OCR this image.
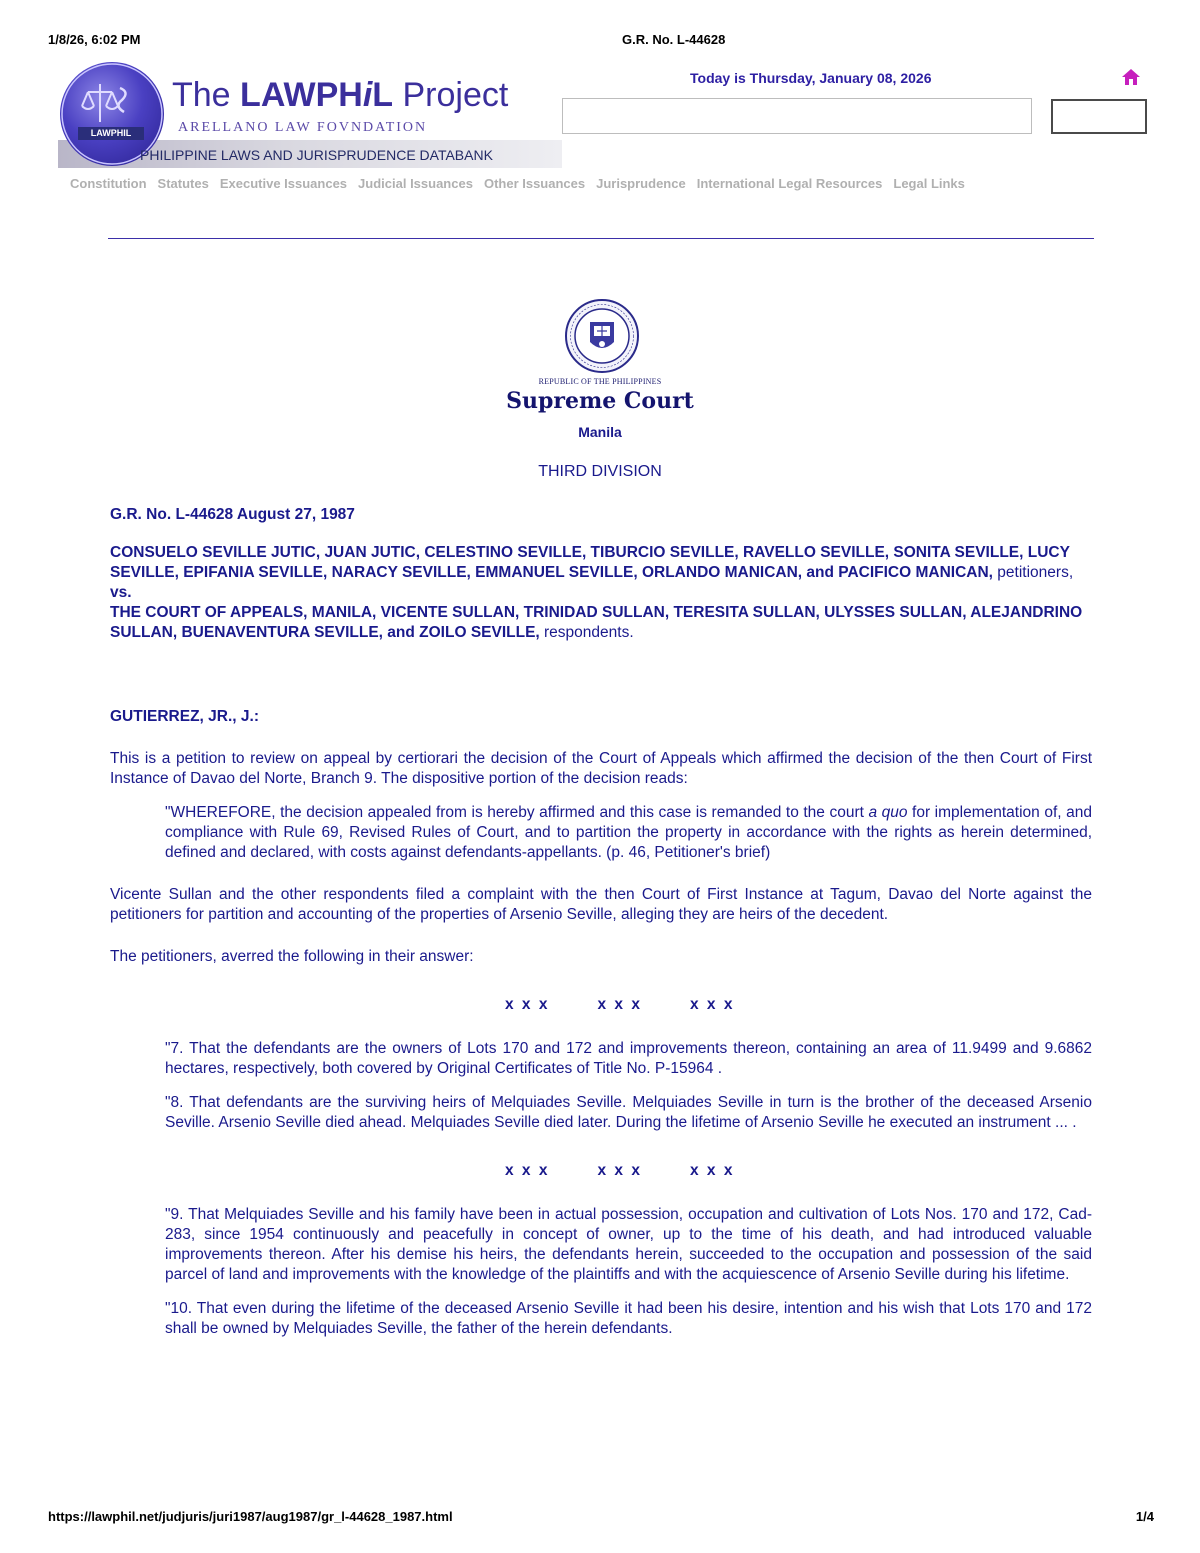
1/8/26, 6:02 PM	G.R. No. L-44628
LAWPHIL
The LAWPHiL Project
ARELLANO LAW FOVNDATION
PHILIPPINE LAWS AND JURISPRUDENCE DATABANK
Today is Thursday, January 08, 2026
Constitution Statutes Executive Issuances Judicial Issuances Other Issuances Jurisprudence International Legal Resources Legal Links
REPUBLIC OF THE PHILIPPINES
Supreme Court
Manila
THIRD DIVISION

G.R. No. L-44628 August 27, 1987

CONSUELO SEVILLE JUTIC, JUAN JUTIC, CELESTINO SEVILLE, TIBURCIO SEVILLE, RAVELLO SEVILLE, SONITA SEVILLE, LUCY SEVILLE, EPIFANIA SEVILLE, NARACY SEVILLE, EMMANUEL SEVILLE, ORLANDO MANICAN, and PACIFICO MANICAN, petitioners,
vs.
THE COURT OF APPEALS, MANILA, VICENTE SULLAN, TRINIDAD SULLAN, TERESITA SULLAN, ULYSSES SULLAN, ALEJANDRINO SULLAN, BUENAVENTURA SEVILLE, and ZOILO SEVILLE, respondents.

GUTIERREZ, JR., J.:

This is a petition to review on appeal by certiorari the decision of the Court of Appeals which affirmed the decision of the then Court of First Instance of Davao del Norte, Branch 9. The dispositive portion of the decision reads:

"WHEREFORE, the decision appealed from is hereby affirmed and this case is remanded to the court a quo for implementation of, and compliance with Rule 69, Revised Rules of Court, and to partition the property in accordance with the rights as herein determined, defined and declared, with costs against defendants-appellants. (p. 46, Petitioner's brief)

Vicente Sullan and the other respondents filed a complaint with the then Court of First Instance at Tagum, Davao del Norte against the petitioners for partition and accounting of the properties of Arsenio Seville, alleging they are heirs of the decedent.

The petitioners, averred the following in their answer:

x x x	x x x	x x x

"7. That the defendants are the owners of Lots 170 and 172 and improvements thereon, containing an area of 11.9499 and 9.6862 hectares, respectively, both covered by Original Certificates of Title No. P-15964 .

"8. That defendants are the surviving heirs of Melquiades Seville. Melquiades Seville in turn is the brother of the deceased Arsenio Seville. Arsenio Seville died ahead. Melquiades Seville died later. During the lifetime of Arsenio Seville he executed an instrument ... .

x x x	x x x	x x x

"9. That Melquiades Seville and his family have been in actual possession, occupation and cultivation of Lots Nos. 170 and 172, Cad-283, since 1954 continuously and peacefully in concept of owner, up to the time of his death, and had introduced valuable improvements thereon. After his demise his heirs, the defendants herein, succeeded to the occupation and possession of the said parcel of land and improvements with the knowledge of the plaintiffs and with the acquiescence of Arsenio Seville during his lifetime.

"10. That even during the lifetime of the deceased Arsenio Seville it had been his desire, intention and his wish that Lots 170 and 172 shall be owned by Melquiades Seville, the father of the herein defendants.

https://lawphil.net/judjuris/juri1987/aug1987/gr_l-44628_1987.html	1/4
